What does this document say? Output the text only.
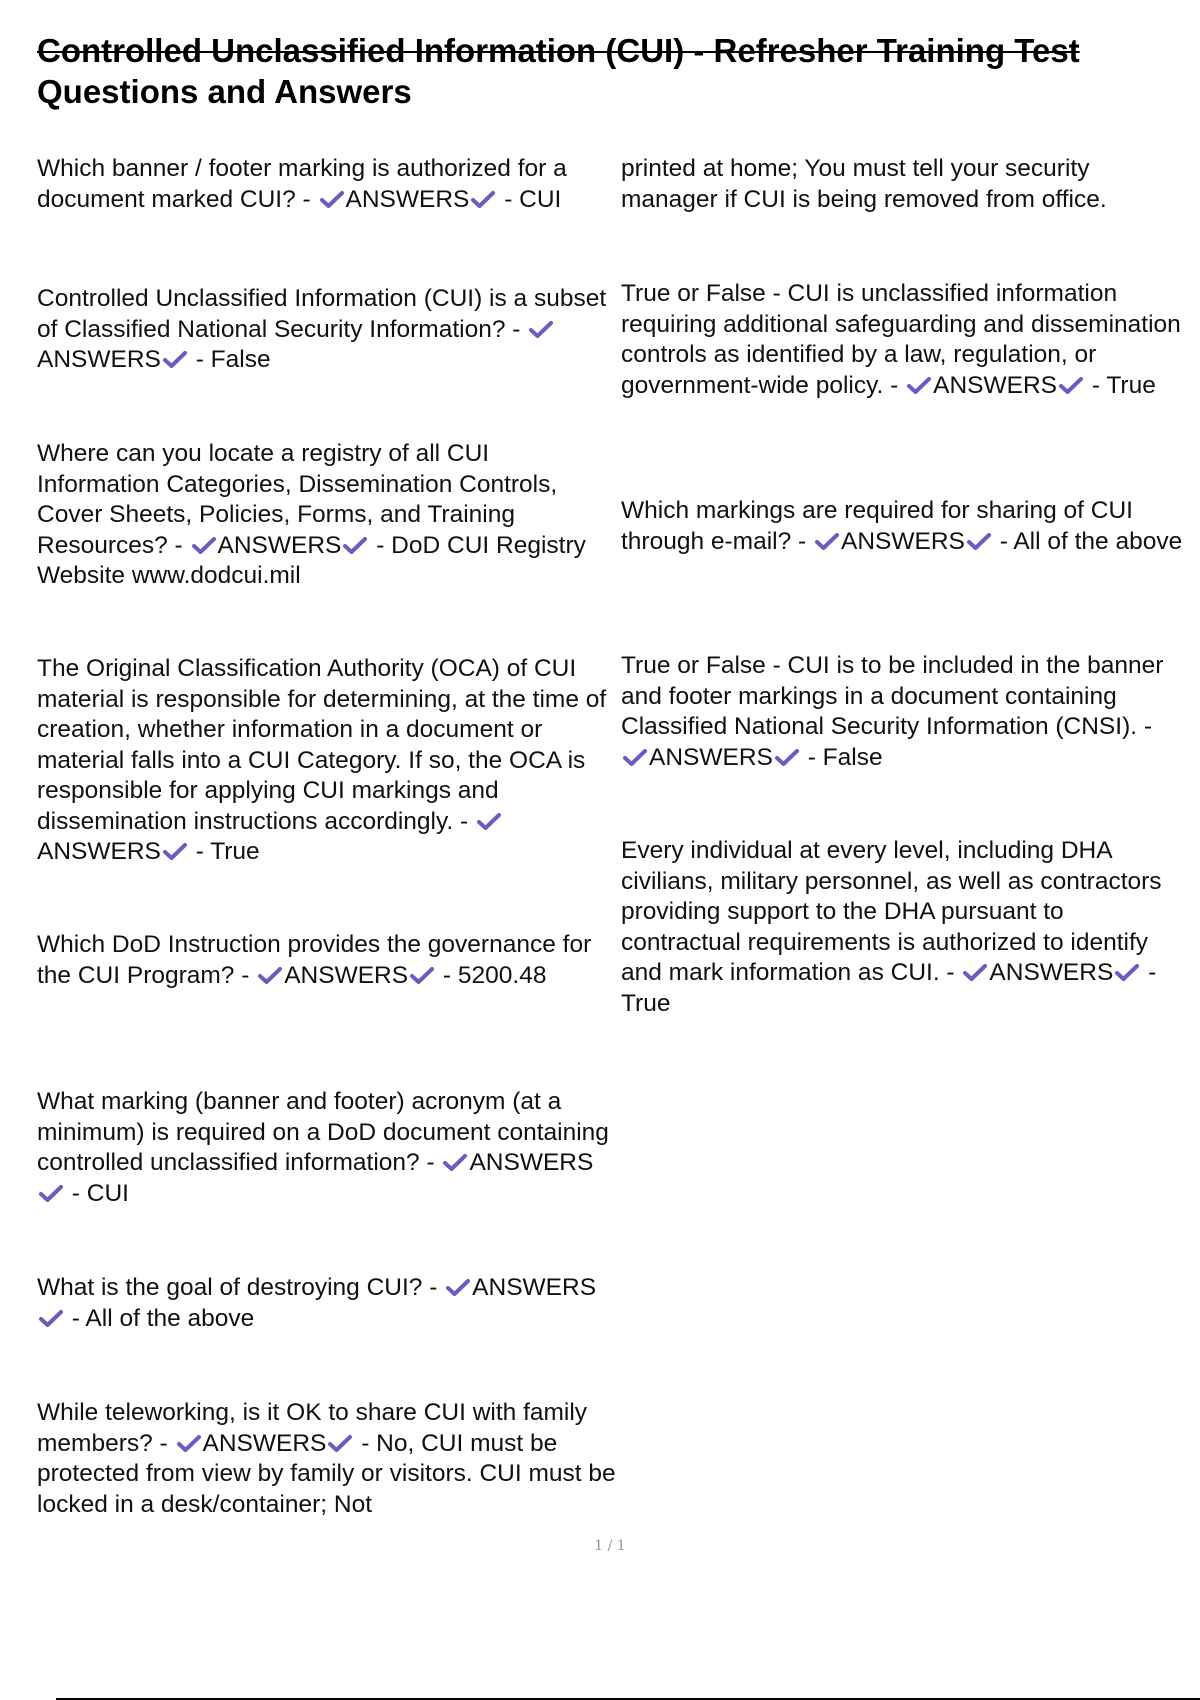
Controlled Unclassified Information (CUI) - Refresher Training Test
Questions and Answers

Which banner / footer marking is authorized for a document marked CUI? -
ANSWERS
- CUI

Controlled Unclassified Information (CUI) is a subset of Classified National Security Information? -
ANSWERS
- False

Where can you locate a registry of all CUI Information Categories, Dissemination Controls, Cover Sheets, Policies, Forms, and Training Resources? -
ANSWERS
- DoD CUI Registry Website www.dodcui.mil

The Original Classification Authority (OCA) of CUI material is responsible for determining, at the time of creation, whether information in a document or material falls into a CUI Category. If so, the OCA is responsible for applying CUI markings and dissemination instructions accordingly. -
ANSWERS
- True

Which DoD Instruction provides the governance for the CUI Program? -
ANSWERS
- 5200.48

What marking (banner and footer) acronym (at a minimum) is required on a DoD document containing controlled unclassified information? -
ANSWERS
- CUI

What is the goal of destroying CUI? -
ANSWERS
- All of the above

While teleworking, is it OK to share CUI with family members? -
ANSWERS
- No, CUI must be protected from view by family or visitors. CUI must be locked in a desk/container; Not

printed at home; You must tell your security manager if CUI is being removed from office.

True or False - CUI is unclassified information requiring additional safeguarding and dissemination controls as identified by a law, regulation, or government-wide policy. -
ANSWERS
- True

Which markings are required for sharing of CUI through e-mail? -
ANSWERS
- All of the above

True or False - CUI is to be included in the banner and footer markings in a document containing Classified National Security Information (CNSI). -
ANSWERS
- False

Every individual at every level, including DHA civilians, military personnel, as well as contractors providing support to the DHA pursuant to contractual requirements is authorized to identify and mark information as CUI. -
ANSWERS
- True

1 / 1
